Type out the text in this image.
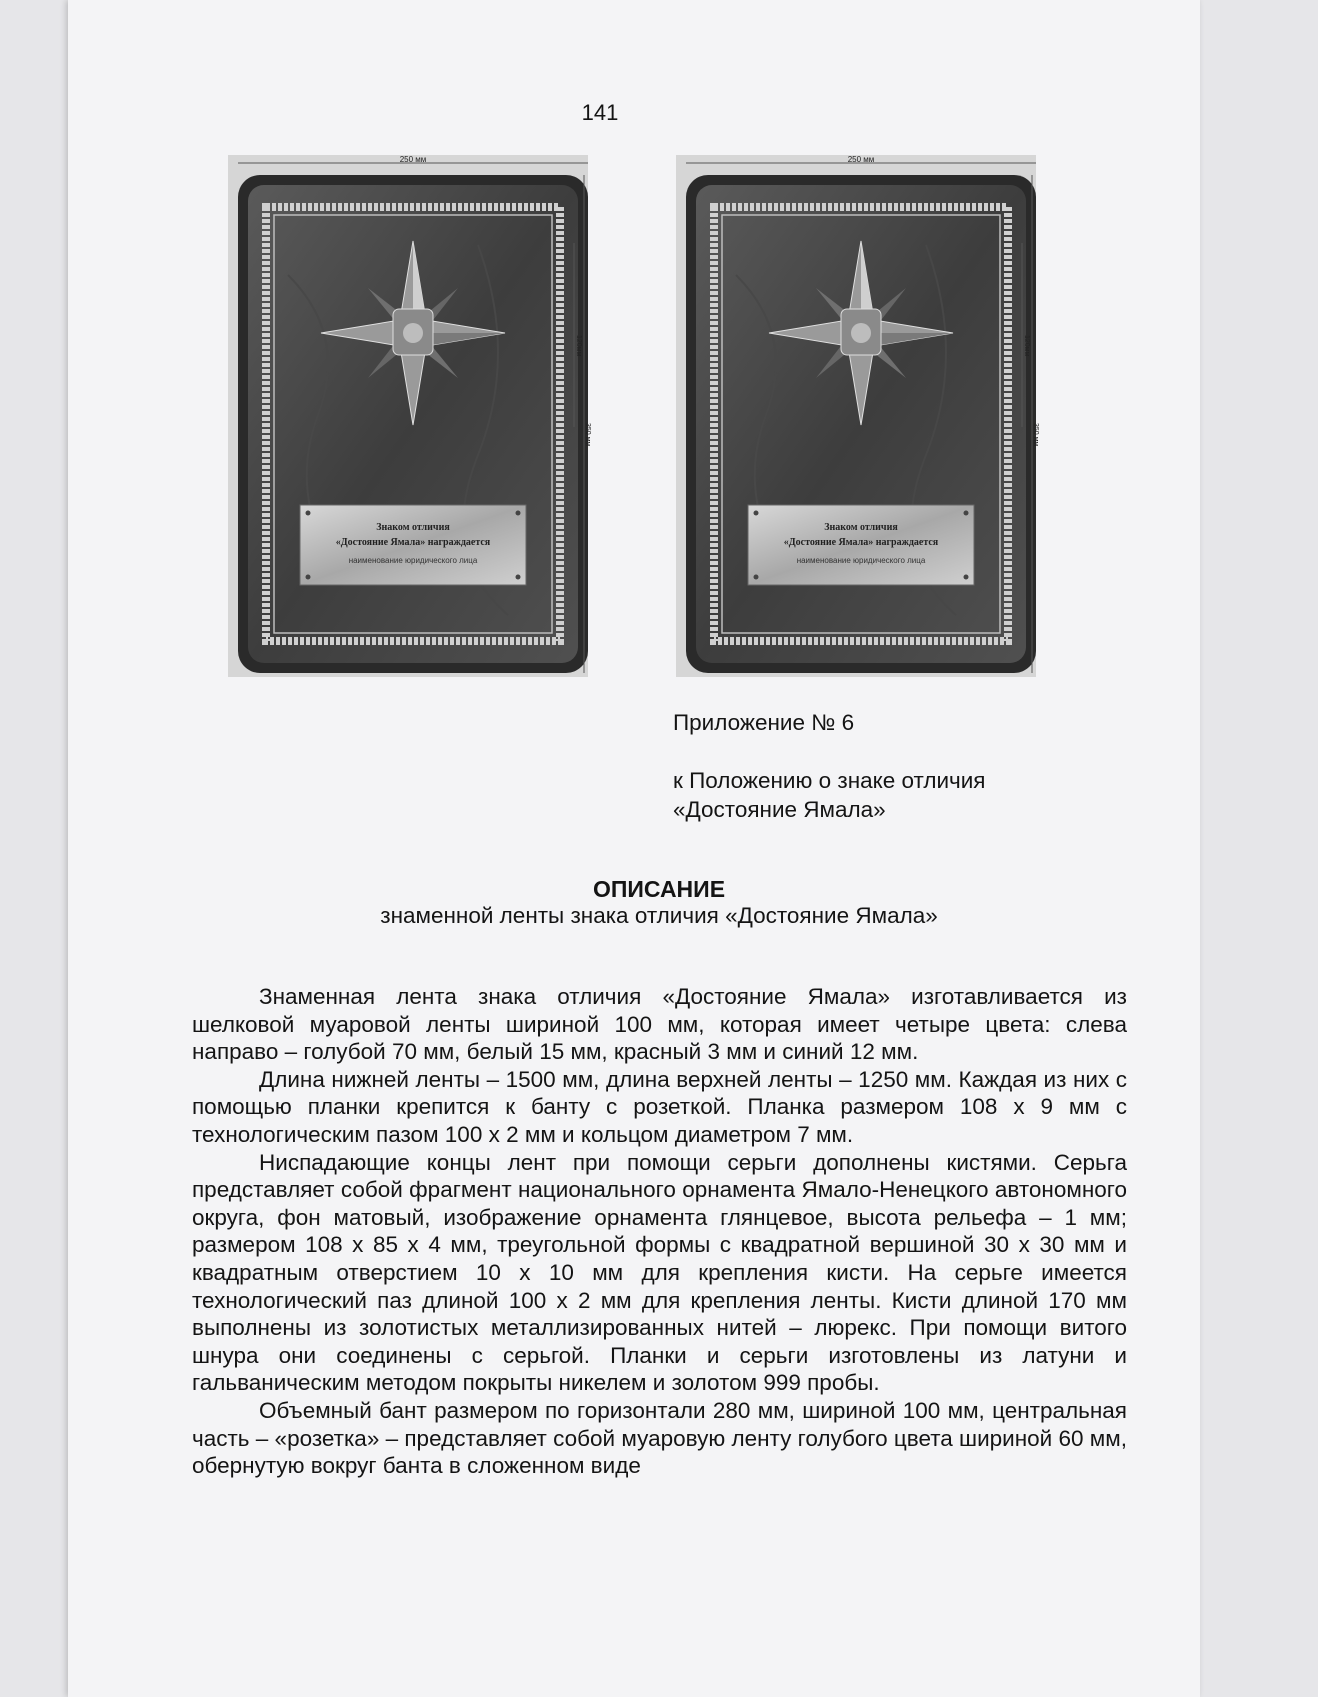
141
250 мм
120мм
350 мм
Знаком отличия
«Достояние Ямала» награждается
наименование юридического лица
250 мм
120мм
350 мм
Знаком отличия
«Достояние Ямала» награждается
наименование юридического лица
Приложение № 6
к Положению о знаке отличия
«Достояние Ямала»
ОПИСАНИЕ
знаменной ленты знака отличия «Достояние Ямала»

Знаменная лента знака отличия «Достояние Ямала» изготавливается из шелковой муаровой ленты шириной 100 мм, которая имеет четыре цвета: слева направо – голубой 70 мм, белый 15 мм, красный 3 мм и синий 12 мм.

Длина нижней ленты – 1500 мм, длина верхней ленты – 1250 мм. Каждая из них с помощью планки крепится к банту с розеткой. Планка размером 108 x 9 мм с технологическим пазом 100 x 2 мм и кольцом диаметром 7 мм.

Ниспадающие концы лент при помощи серьги дополнены кистями. Серьга представляет собой фрагмент национального орнамента Ямало-Ненецкого автономного округа, фон матовый, изображение орнамента глянцевое, высота рельефа – 1 мм; размером 108 x 85 x 4 мм, треугольной формы с квадратной вершиной 30 x 30 мм и квадратным отверстием 10 x 10 мм для крепления кисти. На серьге имеется технологический паз длиной 100 x 2 мм для крепления ленты. Кисти длиной 170 мм выполнены из золотистых металлизированных нитей – люрекс. При помощи витого шнура они соединены с серьгой. Планки и серьги изготовлены из латуни и гальваническим методом покрыты никелем и золотом 999 пробы.

Объемный бант размером по горизонтали 280 мм, шириной 100 мм, центральная часть – «розетка» – представляет собой муаровую ленту голубого цвета шириной 60 мм, обернутую вокруг банта в сложенном виде
